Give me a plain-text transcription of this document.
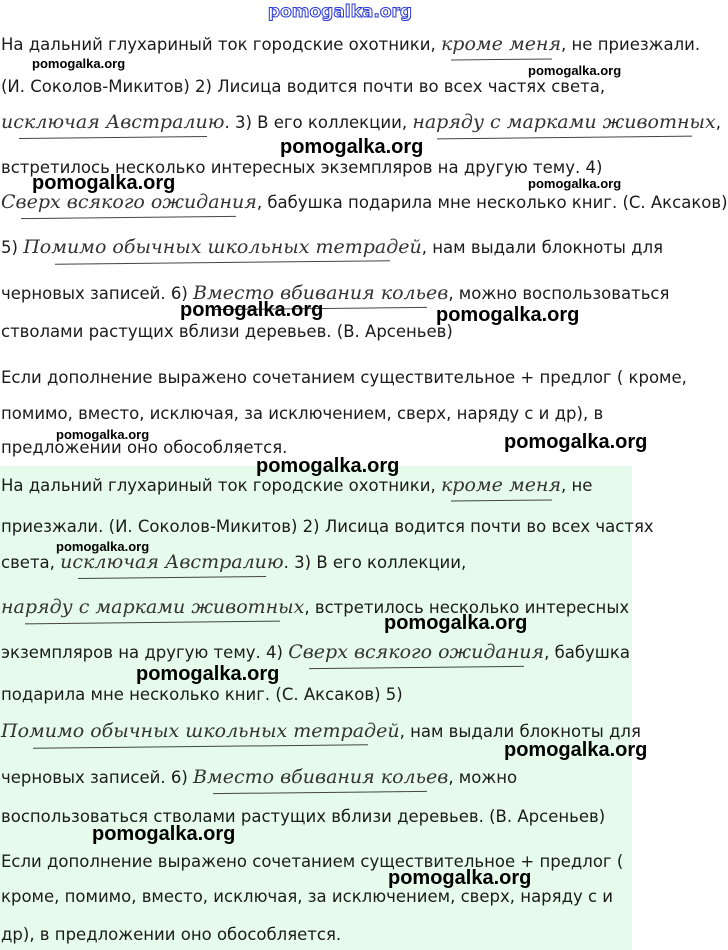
pomogalka.org
На дальний глухариный ток городские охотники, кроме меня, не приезжали.
(И. Соколов-Микитов) 2) Лисица водится почти во всех частях света,
исключая Австралию. 3) В его коллекции, наряду с марками животных,
встретилось несколько интересных экземпляров на другую тему. 4)
Сверх всякого ожидания, бабушка подарила мне несколько книг. (С. Аксаков)
5) Помимо обычных школьных тетрадей, нам выдали блокноты для
черновых записей. 6) Вместо вбивания кольев, можно воспользоваться
стволами растущих вблизи деревьев. (В. Арсеньев)
Если дополнение выражено сочетанием существительное + предлог ( кроме,
помимо, вместо, исключая, за исключением, сверх, наряду с и др), в
предложении оно обособляется.
На дальний глухариный ток городские охотники, кроме меня, не
приезжали. (И. Соколов-Микитов) 2) Лисица водится почти во всех частях
света, исключая Австралию. 3) В его коллекции,
наряду с марками животных, встретилось несколько интересных
экземпляров на другую тему. 4) Сверх всякого ожидания, бабушка
подарила мне несколько книг. (С. Аксаков) 5)
Помимо обычных школьных тетрадей, нам выдали блокноты для
черновых записей. 6) Вместо вбивания кольев, можно
воспользоваться стволами растущих вблизи деревьев. (В. Арсеньев)
Если дополнение выражено сочетанием существительное + предлог (
кроме, помимо, вместо, исключая, за исключением, сверх, наряду с и
др), в предложении оно обособляется.
pomogalka.org	pomogalka.org
pomogalka.org
pomogalka.org	pomogalka.org
pomogalka.org	pomogalka.org
pomogalka.org	pomogalka.org
pomogalka.org
pomogalka.org
pomogalka.org
pomogalka.org
pomogalka.org
pomogalka.org
pomogalka.org
